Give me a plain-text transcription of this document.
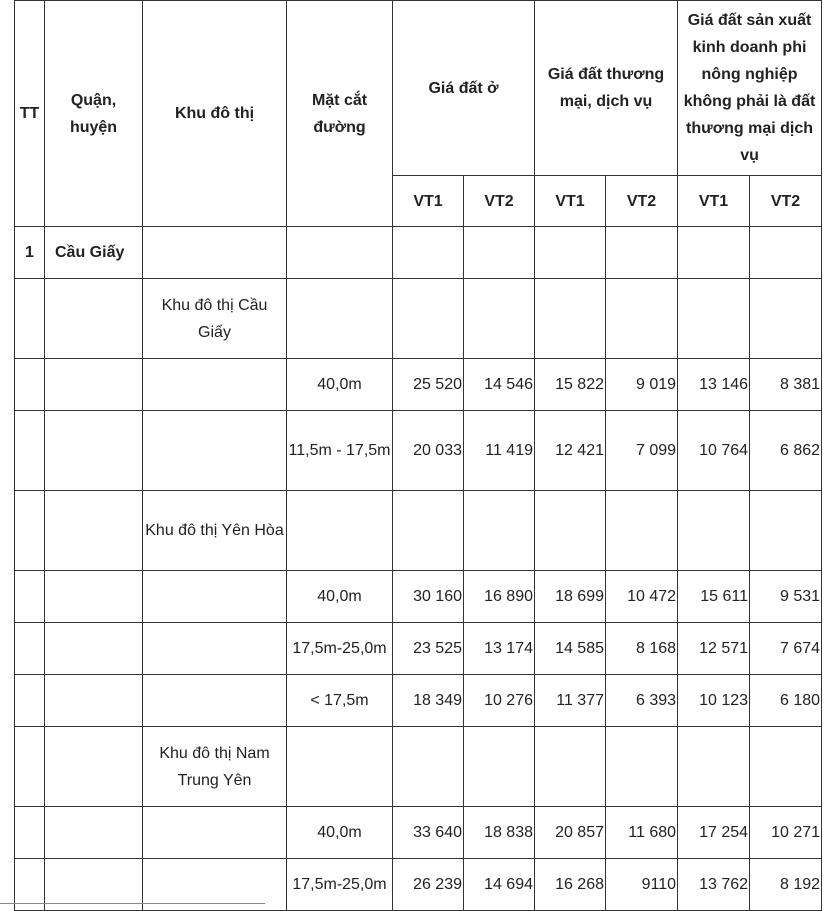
TT	Quận, huyện	Khu đô thị	Mặt cắt đường	Giá đất ở		Giá đất thương mại, dịch vụ		Giá đất sản xuất kinh doanh phi nông nghiệp không phải là đất thương mại dịch vụ	
				VT1	VT2	VT1	VT2	VT1	VT2
1	Cầu Giấy								
		Khu đô thị Cầu Giấy							
			40,0m	25 520	14 546	15 822	9 019	13 146	8 381
			11,5m - 17,5m	20 033	11 419	12 421	7 099	10 764	6 862
		Khu đô thị Yên Hòa							
			40,0m	30 160	16 890	18 699	10 472	15 611	9 531
			17,5m-25,0m	23 525	13 174	14 585	8 168	12 571	7 674
			< 17,5m	18 349	10 276	11 377	6 393	10 123	6 180
		Khu đô thị Nam Trung Yên							
			40,0m	33 640	18 838	20 857	11 680	17 254	10 271
			17,5m-25,0m	26 239	14 694	16 268	9110	13 762	8 192
